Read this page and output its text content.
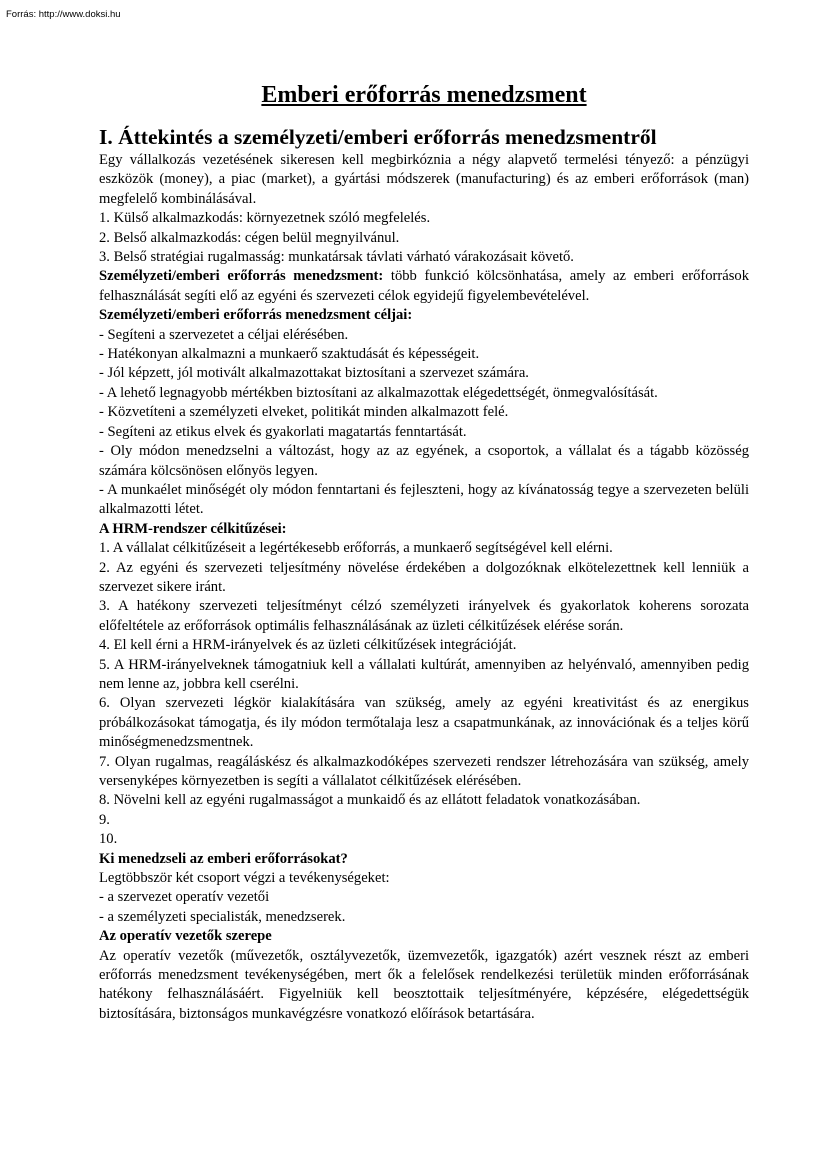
Forrás: http://www.doksi.hu
Emberi erőforrás menedzsment
I. Áttekintés a személyzeti/emberi erőforrás menedzsmentről

Egy vállalkozás vezetésének sikeresen kell megbirkóznia a négy alapvető termelési tényező: a pénzügyi eszközök (money), a piac (market), a gyártási módszerek (manufacturing) és az emberi erőforrások (man) megfelelő kombinálásával.

1. Külső alkalmazkodás: környezetnek szóló megfelelés.
2. Belső alkalmazkodás: cégen belül megnyilvánul.
3. Belső stratégiai rugalmasság: munkatársak távlati várható várakozásait követő.

Személyzeti/emberi erőforrás menedzsment: több funkció kölcsönhatása, amely az emberi erőforrások felhasználását segíti elő az egyéni és szervezeti célok egyidejű figyelembevételével.

Személyzeti/emberi erőforrás menedzsment céljai:

- Segíteni a szervezetet a céljai elérésében.

- Hatékonyan alkalmazni a munkaerő szaktudását és képességeit.

- Jól képzett, jól motivált alkalmazottakat biztosítani a szervezet számára.

- A lehető legnagyobb mértékben biztosítani az alkalmazottak elégedettségét, önmegvalósítását.

- Közvetíteni a személyzeti elveket, politikát minden alkalmazott felé.

- Segíteni az etikus elvek és gyakorlati magatartás fenntartását.

- Oly módon menedzselni a változást, hogy az az egyének, a csoportok, a vállalat és a tágabb közösség számára kölcsönösen előnyös legyen.

- A munkaélet minőségét oly módon fenntartani és fejleszteni, hogy az kívánatosság tegye a szervezeten belüli alkalmazotti létet.

A HRM-rendszer célkitűzései:

1. A vállalat célkitűzéseit a legértékesebb erőforrás, a munkaerő segítségével kell elérni.

2. Az egyéni és szervezeti teljesítmény növelése érdekében a dolgozóknak elkötelezettnek kell lenniük a szervezet sikere iránt.

3. A hatékony szervezeti teljesítményt célzó személyzeti irányelvek és gyakorlatok koherens sorozata előfeltétele az erőforrások optimális felhasználásának az üzleti célkitűzések elérése során.

4. El kell érni a HRM-irányelvek és az üzleti célkitűzések integrációját.

5. A HRM-irányelveknek támogatniuk kell a vállalati kultúrát, amennyiben az helyénvaló, amennyiben pedig nem lenne az, jobbra kell cserélni.

6. Olyan szervezeti légkör kialakítására van szükség, amely az egyéni kreativitást és az energikus próbálkozásokat támogatja, és ily módon termőtalaja lesz a csapatmunkának, az innovációnak és a teljes körű minőségmenedzsmentnek.

7. Olyan rugalmas, reagáláskész és alkalmazkodóképes szervezeti rendszer létrehozására van szükség, amely versenyképes környezetben is segíti a vállalatot célkitűzések elérésében.

8. Növelni kell az egyéni rugalmasságot a munkaidő és az ellátott feladatok vonatkozásában.

9.
10.
Ki menedzseli az emberi erőforrásokat?
Legtöbbször két csoport végzi a tevékenységeket:
- a szervezet operatív vezetői
- a személyzeti specialisták, menedzserek.
Az operatív vezetők szerepe

Az operatív vezetők (művezetők, osztályvezetők, üzemvezetők, igazgatók) azért vesznek részt az emberi erőforrás menedzsment tevékenységében, mert ők a felelősek rendelkezési területük minden erőforrásának hatékony felhasználásáért. Figyelniük kell beosztottaik teljesítményére, képzésére, elégedettségük biztosítására, biztonságos munkavégzésre vonatkozó előírások betartására.
